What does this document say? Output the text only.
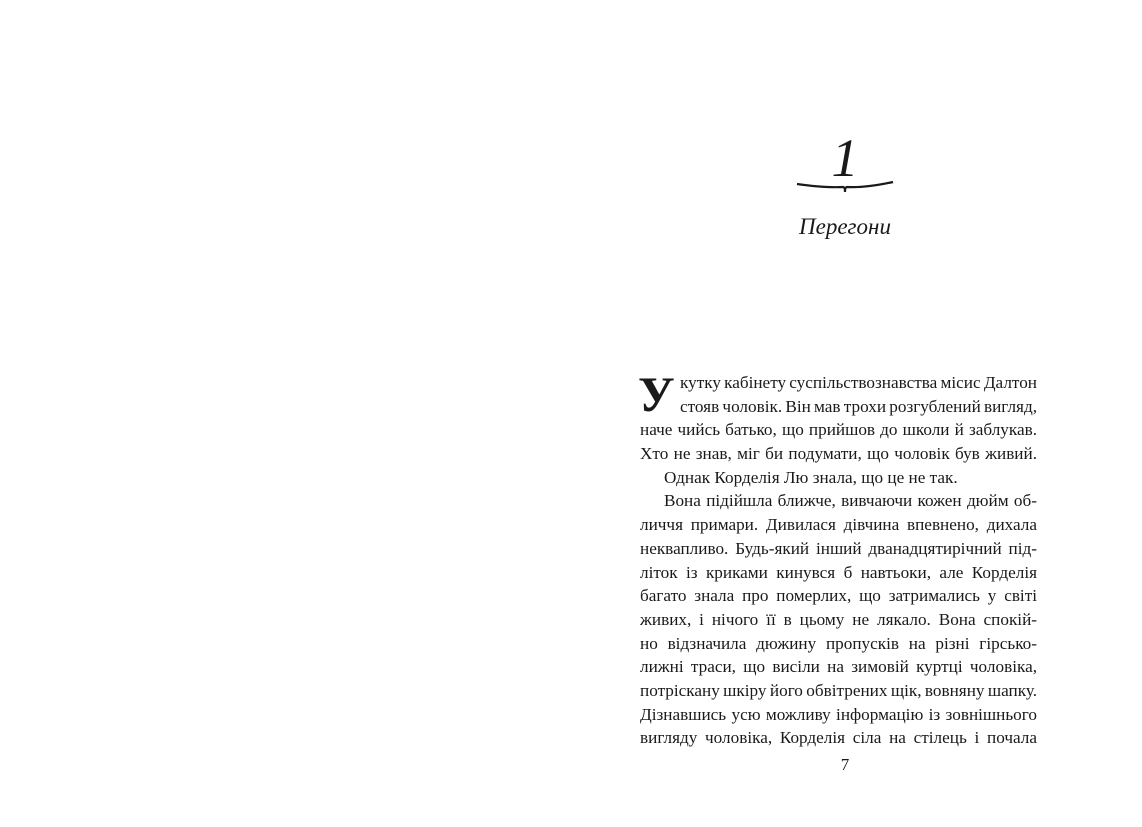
1
Перегони
У кутку кабінету суспільствознавства місис Далтон
стояв чоловік. Він мав трохи розгублений вигляд,
наче чийсь батько, що прийшов до школи й заблукав.
Хто не знав, міг би подумати, що чоловік був живий.
Однак Корделія Лю знала, що це не так.
Вона підійшла ближче, вивчаючи кожен дюйм об-
личчя примари. Дивилася дівчина впевнено, дихала
неквапливо. Будь-який інший дванадцятирічний під-
літок із криками кинувся б навтьоки, але Корделія
багато знала про померлих, що затримались у світі
живих, і нічого її в цьому не лякало. Вона спокій-
но відзначила дюжину пропусків на різні гірсько-
лижні траси, що висіли на зимовій куртці чоловіка,
потріскану шкіру його обвітрених щік, вовняну шапку.
Дізнавшись усю можливу інформацію із зовнішнього
вигляду чоловіка, Корделія сіла на стілець і почала
7
